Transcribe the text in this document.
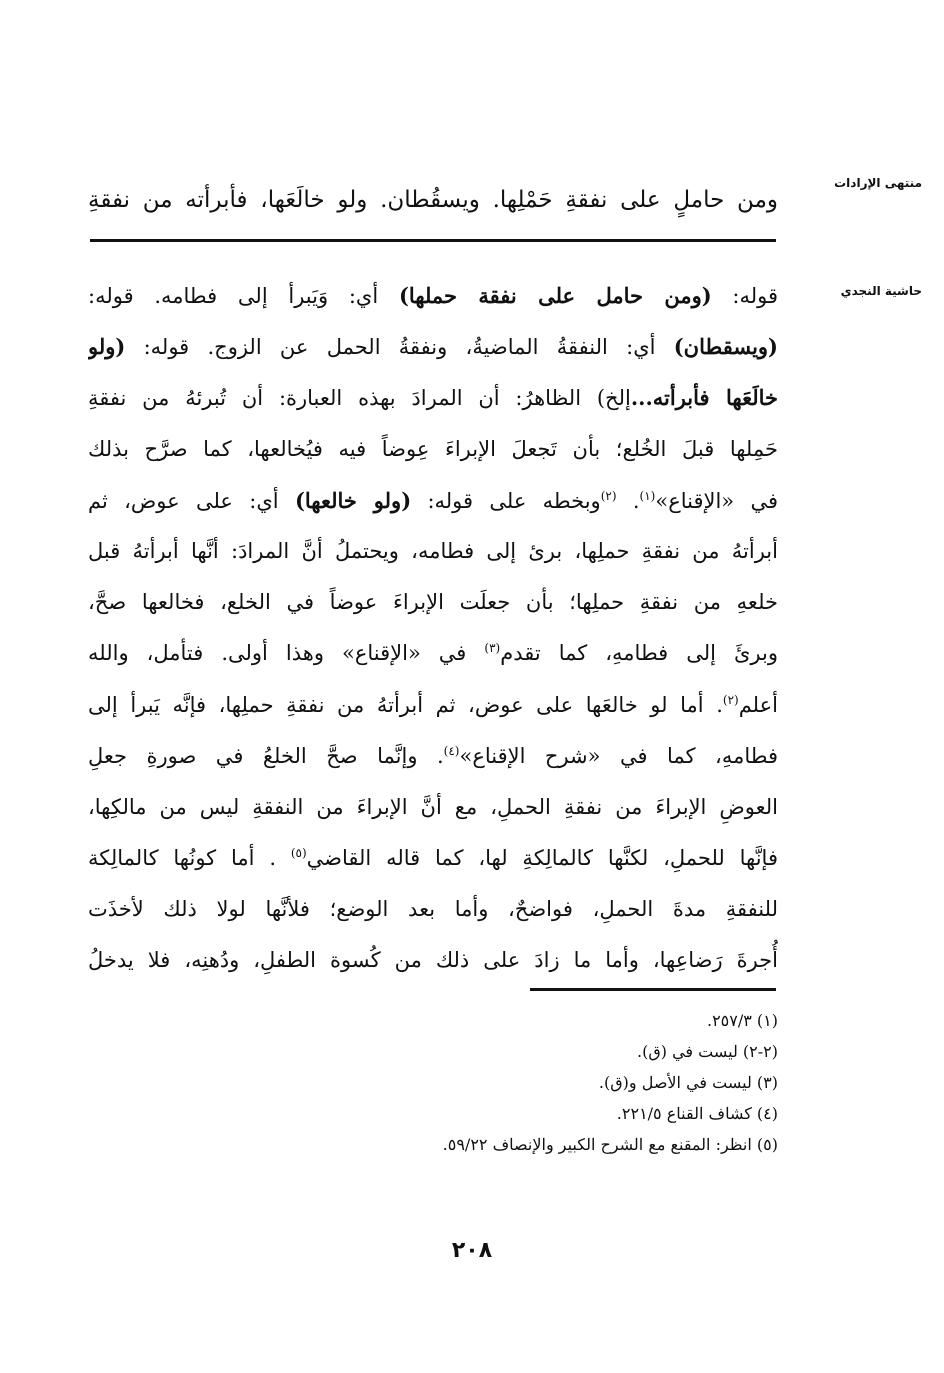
منتهى الإرادات
ومن حاملٍ على نفقةِ حَمْلِها. ويسقُطان. ولو خالَعَها، فأبرأته من نفقةِ
حاشية النجدي
قوله: (ومن حامل على نفقة حملها) أي: وَيَبرأ إلى فطامه. قوله:
(ويسقطان) أي: النفقةُ الماضيةُ، ونفقةُ الحمل عن الزوج. قوله: (ولو
خالَعَها فأبرأته...إلخ) الظاهرُ: أن المرادَ بهذه العبارة: أن تُبرئهُ من نفقةِ
حَمِلها قبلَ الخُلع؛ بأن تَجعلَ الإبراءَ عِوضاً فيه فيُخالعها، كما صرَّح بذلك
في «الإقناع»$^{(١)}$. $^{(٢)}$وبخطه على قوله: (ولو خالعها) أي: على عوض، ثم
أبرأتهُ من نفقةِ حملِها، برئ إلى فطامه، ويحتملُ أنَّ المرادَ: أنَّها أبرأتهُ قبل
خلعهِ من نفقةِ حملِها؛ بأن جعلَت الإبراءَ عوضاً في الخلع، فخالعها صحَّ،
وبرئَ إلى فطامهِ، كما تقدم$^{(٣)}$ في «الإقناع» وهذا أولى. فتأمل، والله
أعلم$^{(٢)}$. أما لو خالعَها على عوض، ثم أبرأتهُ من نفقةِ حملِها، فإنَّه يَبرأ إلى
فطامهِ، كما في «شرح الإقناع»$^{(٤)}$. وإنَّما صحَّ الخلعُ في صورةِ جعلِ
العوضِ الإبراءَ من نفقةِ الحملِ، مع أنَّ الإبراءَ من النفقةِ ليس من مالكِها،
فإنَّها للحملِ، لكنَّها كالمالِكةِ لها، كما قاله القاضي$^{(٥)}$ . أما كونُها كالمالِكة
للنفقةِ مدةَ الحملِ، فواضحٌ، وأما بعد الوضع؛ فلأنَّها لولا ذلك لأخذَت
أُجرةَ رَضاعِها، وأما ما زادَ على ذلك من كُسوة الطفلِ، ودُهنِه، فلا يدخلُ
(١) ٢٥٧/٣.
(٢-٢) ليست في (ق).
(٣) ليست في الأصل و(ق).
(٤) كشاف القناع ٢٢١/٥.
(٥) انظر: المقنع مع الشرح الكبير والإنصاف ٥٩/٢٢.
٢٠٨
